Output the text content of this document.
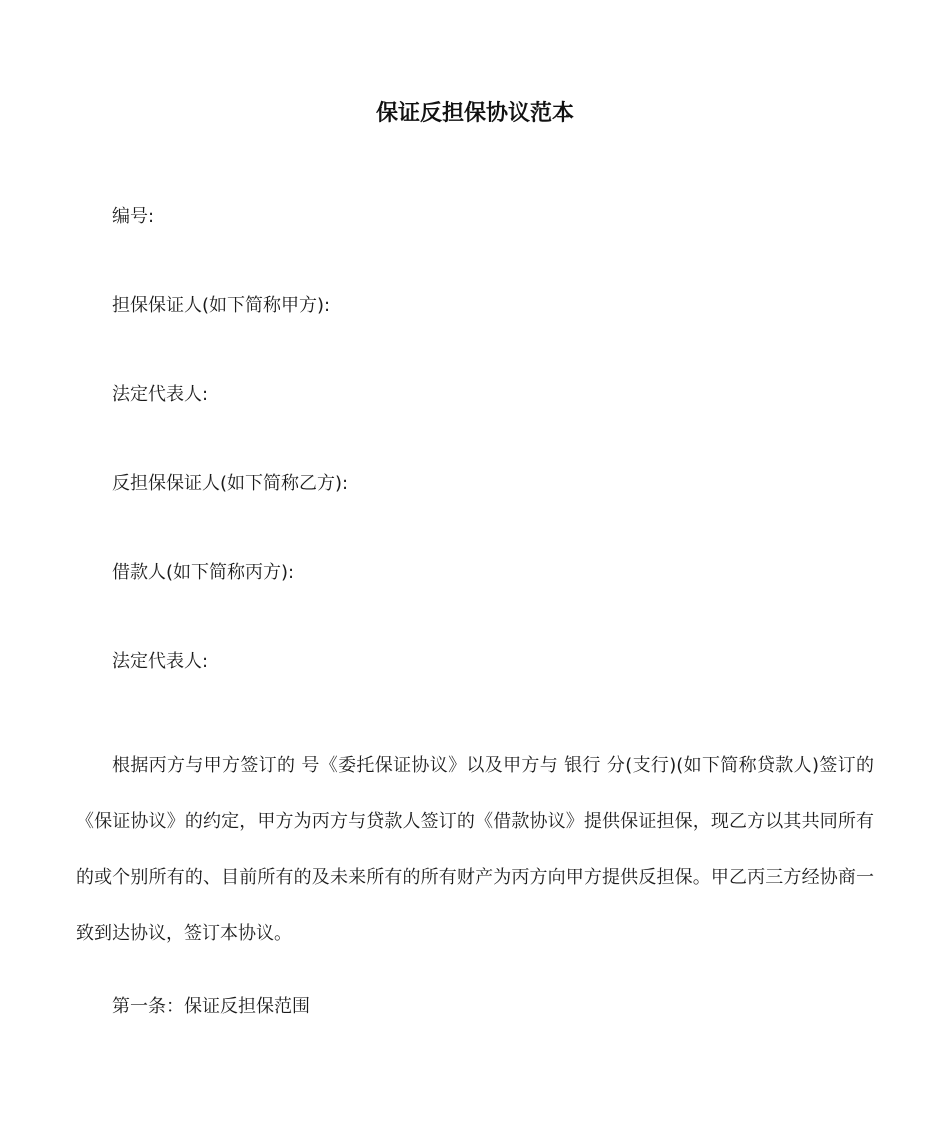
保证反担保协议范本
编号:
担保保证人(如下简称甲方):
法定代表人:
反担保保证人(如下简称乙方):
借款人(如下简称丙方):
法定代表人:
根据丙方与甲方签订的 号《委托保证协议》以及甲方与 银行 分(支行)(如下简称贷款人)签订的《保证协议》的约定，甲方为丙方与贷款人签订的《借款协议》提供保证担保，现乙方以其共同所有的或个别所有的、目前所有的及未来所有的所有财产为丙方向甲方提供反担保。甲乙丙三方经协商一致到达协议，签订本协议。
第一条：保证反担保范围
